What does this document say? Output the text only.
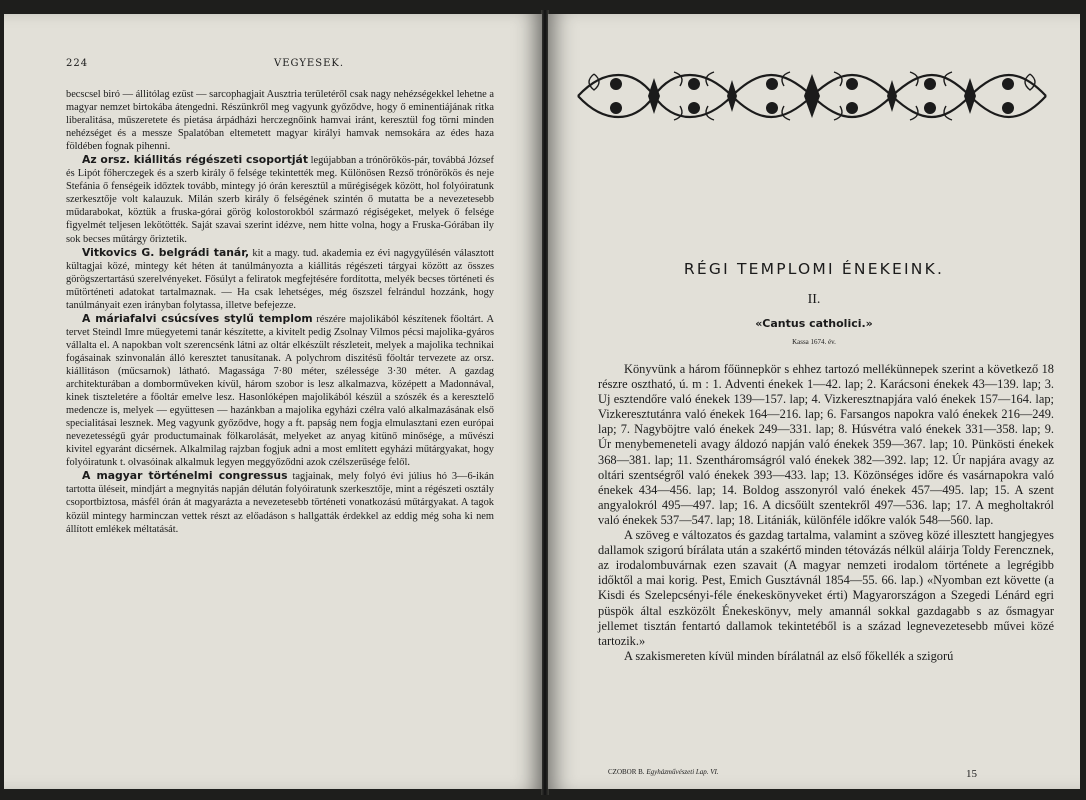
224	VEGYESEK.

becscsel biró — állitólag ezüst — sarcophagjait Ausztria területéről csak nagy nehézségekkel lehetne a magyar nemzet birtokába átengedni. Részünkről meg vagyunk győződve, hogy ő eminentiájának ritka liberalitása, műszeretete és pietása árpádházi herczegnőink hamvai iránt, keresztül fog törni minden nehézséget és a messze Spalatóban eltemetett magyar királyi hamvak nemsokára az édes haza földében fognak pihenni.

Az orsz. kiállitás régészeti csoportját legújabban a trónörökös-pár, továbbá József és Lipót főherczegek és a szerb király ő felsége tekintették meg. Különösen Rezső trónörökös és neje Stefánia ő fenségeik időztek tovább, mintegy jó órán keresztül a műrégiségek között, hol folyóiratunk szerkesztője volt kalauzuk. Milán szerb király ő felségének szintén ő mutatta be a nevezetesebb műdarabokat, köztük a fruska-górai görög kolostorokból származó régiségeket, melyek ő felsége figyelmét teljesen lekötötték. Saját szavai szerint idézve, nem hitte volna, hogy a Fruska-Górában ily sok becses műtárgy őriztetik.

Vitkovics G. belgrádi tanár, kit a magy. tud. akademia ez évi nagygyűlésén választott kültagjai közé, mintegy két héten át tanúlmányozta a kiállitás régészeti tárgyai között az összes görögszertartású szerelvényeket. Fősúlyt a feliratok megfejtésére fordította, melyék becses történeti és műtörténeti adatokat tartalmaznak. — Ha csak lehetséges, még őszszel felrándul hozzánk, hogy tanúlmányait ezen irányban folytassa, illetve befejezze.

A máriafalvi csúcsíves stylű templom részére majolikából készítenek főoltárt. A tervet Steindl Imre műegyetemi tanár készítette, a kivitelt pedig Zsolnay Vilmos pécsi majolika-gyáros vállalta el. A napokban volt szerencsénk látni az oltár elkészült részleteit, melyek a majolika technikai fogásainak szinvonalán álló keresztet tanusítanak. A polychrom diszitésű főoltár tervezete az orsz. kiállitáson (műcsarnok) látható. Magassága 7·80 méter, szélessége 3·30 méter. A gazdag architekturában a domborműveken kívül, három szobor is lesz alkalmazva, középett a Madonnával, kinek tiszteletére a főoltár emelve lesz. Hasonlóképen majolikából készül a szószék és a keresztelő medencze is, melyek — együttesen — hazánkban a majolika egyházi czélra való alkalmazásának első specialitásai lesznek. Meg vagyunk győződve, hogy a ft. papság nem fogja elmulasztani ezen európai nevezetességű gyár productumainak fölkarolását, melyeket az anyag kitünő minősége, a művészi kivitel egyaránt dicsérnek. Alkalmilag rajzban fogjuk adni a most említett egyházi műtárgyakat, hogy folyóiratunk t. olvasóinak alkalmuk legyen meggyőződni azok czélszerűsége felől.

A magyar történelmi congressus tagjainak, mely folyó évi július hó 3—6-ikán tartotta üléseit, mindjárt a megnyitás napján délután folyóiratunk szerkesztője, mint a régészeti osztály csoportbiztosa, másfél órán át magyarázta a nevezetesebb történeti vonatkozású műtárgyakat. A tagok közül mintegy harminczan vettek részt az előadáson s hallgatták érdekkel az eddig még soha ki nem állított emlékek méltatását.

RÉGI TEMPLOMI ÉNEKEINK.
II.
«Cantus catholici.»
Kassa 1674. év.

Könyvünk a három főünnepkör s ehhez tartozó mellékünnepek szerint a következő 18 részre osztható, ú. m : 1. Adventi énekek 1—42. lap; 2. Karácsoni énekek 43—139. lap; 3. Uj esztendőre való énekek 139—157. lap; 4. Vizkeresztnapjára való énekek 157—164. lap; Vizkeresztutánra való énekek 164—216. lap; 6. Farsangos napokra való énekek 216—249. lap; 7. Nagyböjtre való énekek 249—331. lap; 8. Húsvétra való énekek 331—358. lap; 9. Úr menybemeneteli avagy áldozó napján való énekek 359—367. lap; 10. Pünkösti énekek 368—381. lap; 11. Szentháromságról való énekek 382—392. lap; 12. Úr napjára avagy az oltári szentségről való énekek 393—433. lap; 13. Közönséges időre és vasárnapokra való énekek 434—456. lap; 14. Boldog asszonyról való énekek 457—495. lap; 15. A szent angyalokról 495—497. lap; 16. A dicsőült szentekről 497—536. lap; 17. A megholtakról való énekek 537—547. lap; 18. Litániák, különféle időkre valók 548—560. lap.

A szöveg e változatos és gazdag tartalma, valamint a szöveg közé illesztett hangjegyes dallamok szigorú bírálata után a szakértő minden tétovázás nélkül aláirja Toldy Ferencznek, az irodalombuvárnak ezen szavait (A magyar nemzeti irodalom története a legrégibb időktől a mai korig. Pest, Emich Gusztávnál 1854—55. 66. lap.) «Nyomban ezt követte (a Kisdi és Szelepcsényi-féle énekeskönyveket érti) Magyarországon a Szegedi Lénárd egri püspök által eszközölt Énekeskönyv, mely amannál sokkal gazdagabb s az ősmagyar jellemet tisztán fentartó dallamok tekintetéből is a század legnevezetesebb művei közé tartozik.»

A szakismereten kívül minden bírálatnál az első főkellék a szigorú

CZOBOR B. Egyházművészeti Lap. VI.	15
